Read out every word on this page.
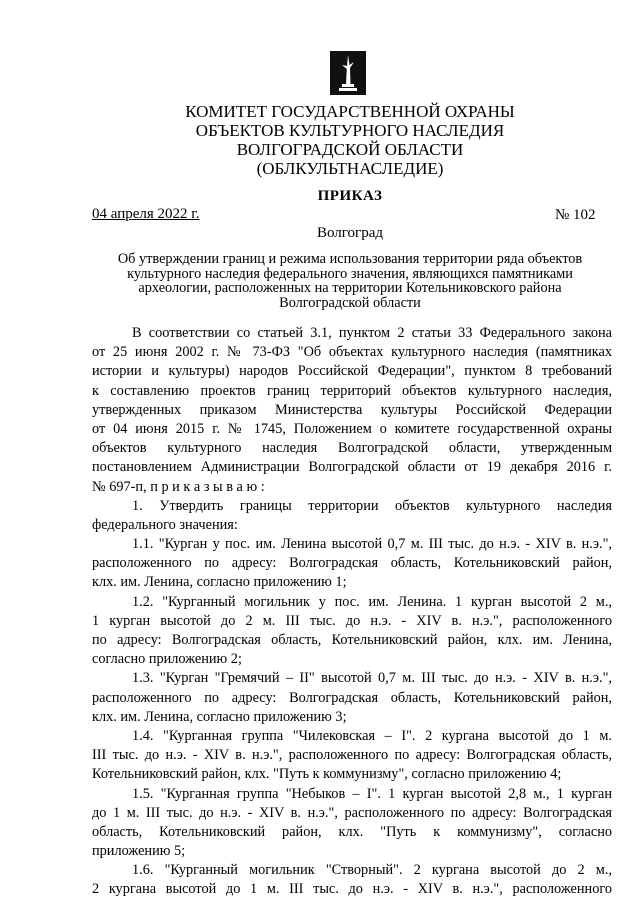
КОМИТЕТ ГОСУДАРСТВЕННОЙ ОХРАНЫ
ОБЪЕКТОВ КУЛЬТУРНОГО НАСЛЕДИЯ
ВОЛГОГРАДСКОЙ ОБЛАСТИ
(ОБЛКУЛЬТНАСЛЕДИЕ)
ПРИКАЗ
04 апреля 2022 г.	№ 102
Волгоград
Об утверждении границ и режима использования территории ряда объектов
культурного наследия федерального значения, являющихся памятниками
археологии, расположенных на территории Котельниковского района
Волгоградской области
В соответствии со статьей 3.1, пунктом 2 статьи 33 Федерального закона
от 25 июня 2002 г. № 73-ФЗ "Об объектах культурного наследия (памятниках
истории и культуры) народов Российской Федерации", пунктом 8 требований
к составлению проектов границ территорий объектов культурного наследия,
утвержденных приказом Министерства культуры Российской Федерации
от 04 июня 2015 г. № 1745, Положением о комитете государственной охраны
объектов культурного наследия Волгоградской области, утвержденным
постановлением Администрации Волгоградской области от 19 декабря 2016 г.
№ 697-п, п р и к а з ы в а ю :
1. Утвердить границы территории объектов культурного наследия
федерального значения:
1.1. "Курган у пос. им. Ленина высотой 0,7 м. III тыс. до н.э. - XIV в. н.э.",
расположенного по адресу: Волгоградская область, Котельниковский район,
клх. им. Ленина, согласно приложению 1;
1.2. "Курганный могильник у пос. им. Ленина. 1 курган высотой 2 м.,
1 курган высотой до 2 м. III тыс. до н.э. - XIV в. н.э.", расположенного
по адресу: Волгоградская область, Котельниковский район, клх. им. Ленина,
согласно приложению 2;
1.3. "Курган "Гремячий – II" высотой 0,7 м. III тыс. до н.э. - XIV в. н.э.",
расположенного по адресу: Волгоградская область, Котельниковский район,
клх. им. Ленина, согласно приложению 3;
1.4. "Курганная группа "Чилековская – I". 2 кургана высотой до 1 м.
III тыс. до н.э. - XIV в. н.э.", расположенного по адресу: Волгоградская область,
Котельниковский район, клх. "Путь к коммунизму", согласно приложению 4;
1.5. "Курганная группа "Небыков – I". 1 курган высотой 2,8 м., 1 курган
до 1 м. III тыс. до н.э. - XIV в. н.э.", расположенного по адресу: Волгоградская
область, Котельниковский район, клх. "Путь к коммунизму", согласно
приложению 5;
1.6. "Курганный могильник "Створный". 2 кургана высотой до 2 м.,
2 кургана высотой до 1 м. III тыс. до н.э. - XIV в. н.э.", расположенного
